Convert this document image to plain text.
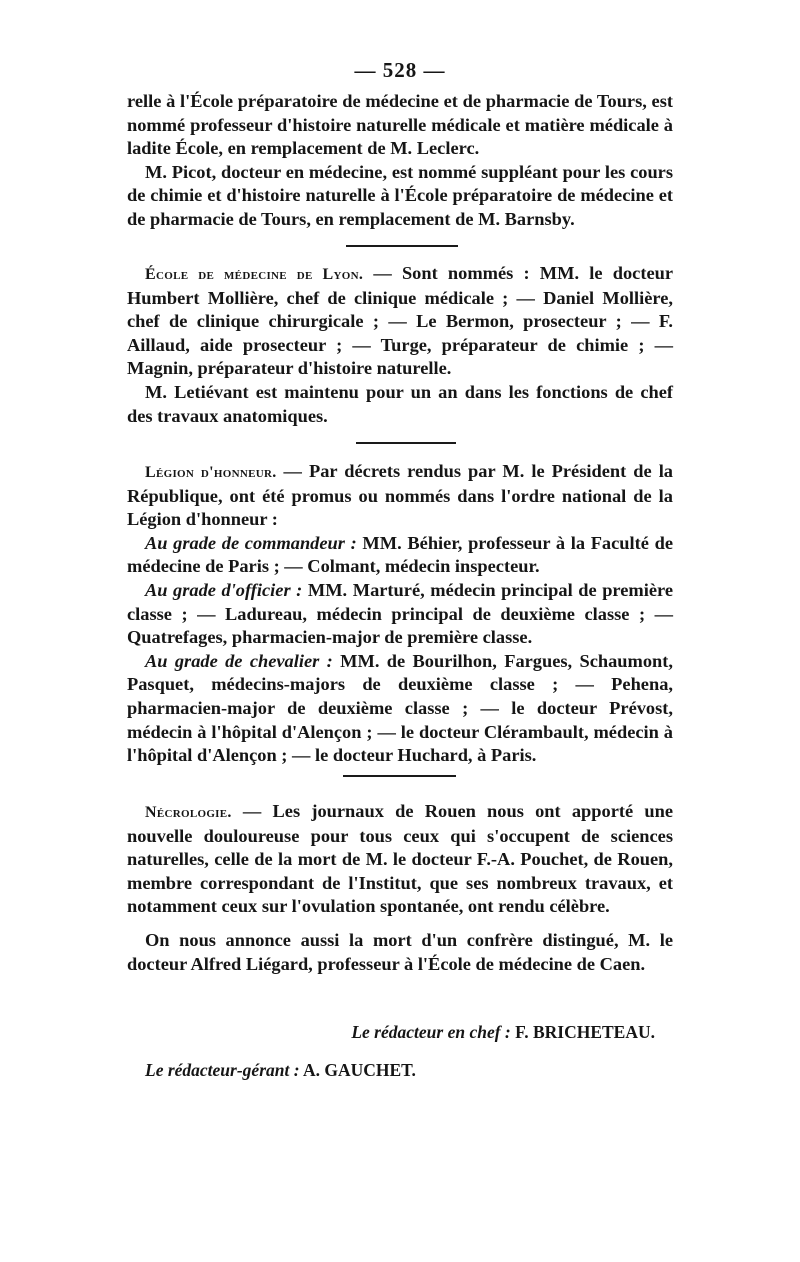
— 528 —

relle à l'École préparatoire de médecine et de pharmacie de Tours, est nommé professeur d'histoire naturelle médicale et matière médicale à ladite École, en remplacement de M. Leclerc.

M. Picot, docteur en médecine, est nommé suppléant pour les cours de chimie et d'histoire naturelle à l'École préparatoire de médecine et de pharmacie de Tours, en remplacement de M. Barnsby.

École de médecine de Lyon. — Sont nommés : MM. le docteur Humbert Mollière, chef de clinique médicale ; — Daniel Mollière, chef de clinique chirurgicale ; — Le Bermon, prosecteur ; — F. Aillaud, aide prosecteur ; — Turge, préparateur de chimie ; — Magnin, préparateur d'histoire naturelle.

M. Letiévant est maintenu pour un an dans les fonctions de chef des travaux anatomiques.

Légion d'honneur. — Par décrets rendus par M. le Président de la République, ont été promus ou nommés dans l'ordre national de la Légion d'honneur :

Au grade de commandeur : MM. Béhier, professeur à la Faculté de médecine de Paris ; — Colmant, médecin inspecteur.

Au grade d'officier : MM. Marturé, médecin principal de première classe ; — Ladureau, médecin principal de deuxième classe ; — Quatrefages, pharmacien-major de première classe.

Au grade de chevalier : MM. de Bourilhon, Fargues, Schaumont, Pasquet, médecins-majors de deuxième classe ; — Pehena, pharmacien-major de deuxième classe ; — le docteur Prévost, médecin à l'hôpital d'Alençon ; — le docteur Clérambault, médecin à l'hôpital d'Alençon ; — le docteur Huchard, à Paris.

Nécrologie. — Les journaux de Rouen nous ont apporté une nouvelle douloureuse pour tous ceux qui s'occupent de sciences naturelles, celle de la mort de M. le docteur F.-A. Pouchet, de Rouen, membre correspondant de l'Institut, que ses nombreux travaux, et notamment ceux sur l'ovulation spontanée, ont rendu célèbre.

On nous annonce aussi la mort d'un confrère distingué, M. le docteur Alfred Liégard, professeur à l'École de médecine de Caen.

Le rédacteur en chef : F. BRICHETEAU.
Le rédacteur-gérant : A. GAUCHET.
